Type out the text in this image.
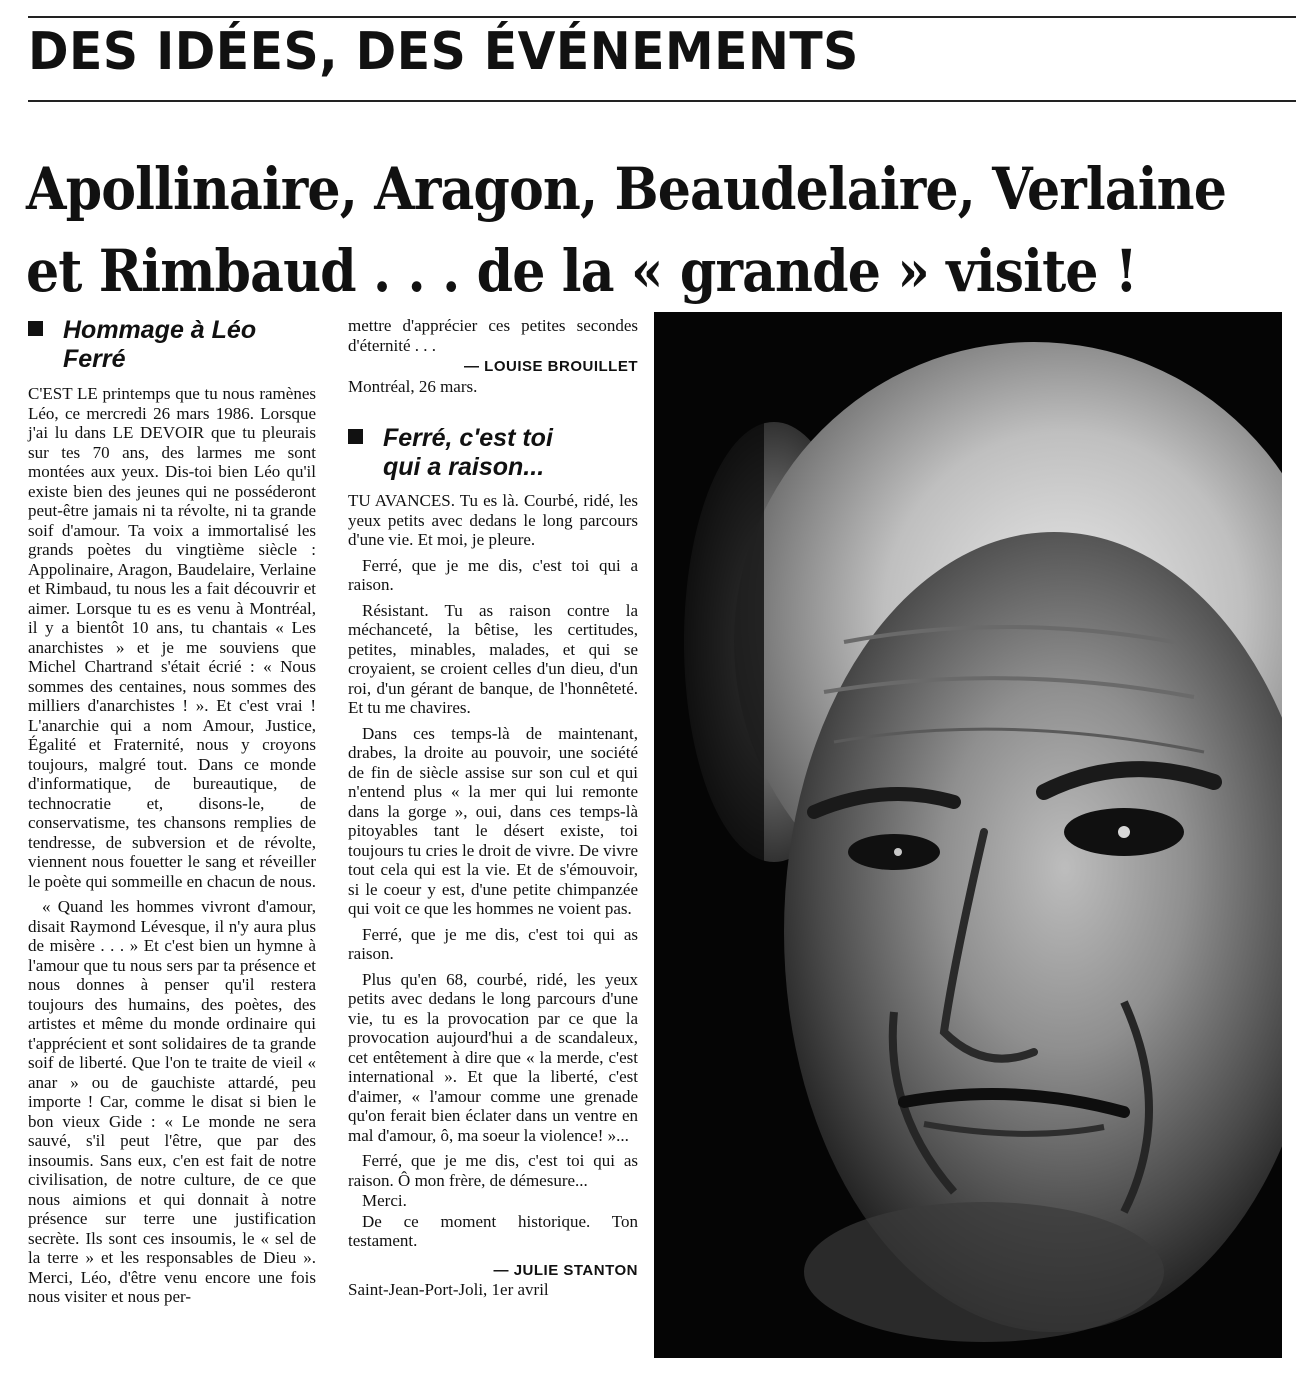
DES IDÉES, DES ÉVÉNEMENTS
Apollinaire, Aragon, Beaudelaire, Verlaine
et Rimbaud . . . de la « grande » visite !
Hommage à Léo
Ferré

C'EST LE printemps que tu nous ramènes Léo, ce mercredi 26 mars 1986. Lorsque j'ai lu dans LE DEVOIR que tu pleurais sur tes 70 ans, des larmes me sont montées aux yeux. Dis-toi bien Léo qu'il existe bien des jeunes qui ne posséderont peut-être jamais ni ta révolte, ni ta grande soif d'amour. Ta voix a immortalisé les grands poètes du vingtième siècle : Appolinaire, Aragon, Baudelaire, Verlaine et Rimbaud, tu nous les a fait découvrir et aimer. Lorsque tu es es venu à Montréal, il y a bientôt 10 ans, tu chantais « Les anarchistes » et je me souviens que Michel Chartrand s'était écrié : « Nous sommes des centaines, nous sommes des milliers d'anarchistes ! ». Et c'est vrai ! L'anarchie qui a nom Amour, Justice, Égalité et Fraternité, nous y croyons toujours, malgré tout. Dans ce monde d'informatique, de bureautique, de technocratie et, disons-le, de conservatisme, tes chansons remplies de tendresse, de subversion et de révolte, viennent nous fouetter le sang et réveiller le poète qui sommeille en chacun de nous.

« Quand les hommes vivront d'amour, disait Raymond Lévesque, il n'y aura plus de misère . . . » Et c'est bien un hymne à l'amour que tu nous sers par ta présence et nous donnes à penser qu'il restera toujours des humains, des poètes, des artistes et même du monde ordinaire qui t'apprécient et sont solidaires de ta grande soif de liberté. Que l'on te traite de vieil « anar » ou de gauchiste attardé, peu importe ! Car, comme le disat si bien le bon vieux Gide : « Le monde ne sera sauvé, s'il peut l'être, que par des insoumis. Sans eux, c'en est fait de notre civilisation, de notre culture, de ce que nous aimions et qui donnait à notre présence sur terre une justification secrète. Ils sont ces insoumis, le « sel de la terre » et les responsables de Dieu ». Merci, Léo, d'être venu encore une fois nous visiter et nous per-

mettre d'apprécier ces petites secondes d'éternité . . .

— LOUISE BROUILLET
Montréal, 26 mars.
Ferré, c'est toi
qui a raison...

TU AVANCES. Tu es là. Courbé, ridé, les yeux petits avec dedans le long parcours d'une vie. Et moi, je pleure.

Ferré, que je me dis, c'est toi qui a raison.

Résistant. Tu as raison contre la méchanceté, la bêtise, les certitudes, petites, minables, malades, et qui se croyaient, se croient celles d'un dieu, d'un roi, d'un gérant de banque, de l'honnêteté. Et tu me chavires.

Dans ces temps-là de maintenant, drabes, la droite au pouvoir, une société de fin de siècle assise sur son cul et qui n'entend plus « la mer qui lui remonte dans la gorge », oui, dans ces temps-là pitoyables tant le désert existe, toi toujours tu cries le droit de vivre. De vivre tout cela qui est la vie. Et de s'émouvoir, si le coeur y est, d'une petite chimpanzée qui voit ce que les hommes ne voient pas.

Ferré, que je me dis, c'est toi qui as raison.

Plus qu'en 68, courbé, ridé, les yeux petits avec dedans le long parcours d'une vie, tu es la provocation par ce que la provocation aujourd'hui a de scandaleux, cet entêtement à dire que « la merde, c'est international ». Et que la liberté, c'est d'aimer, « l'amour comme une grenade qu'on ferait bien éclater dans un ventre en mal d'amour, ô, ma soeur la violence! »...

Ferré, que je me dis, c'est toi qui as raison. Ô mon frère, de démesure...

Merci.

De ce moment historique. Ton testament.

— JULIE STANTON
Saint-Jean-Port-Joli, 1er avril
